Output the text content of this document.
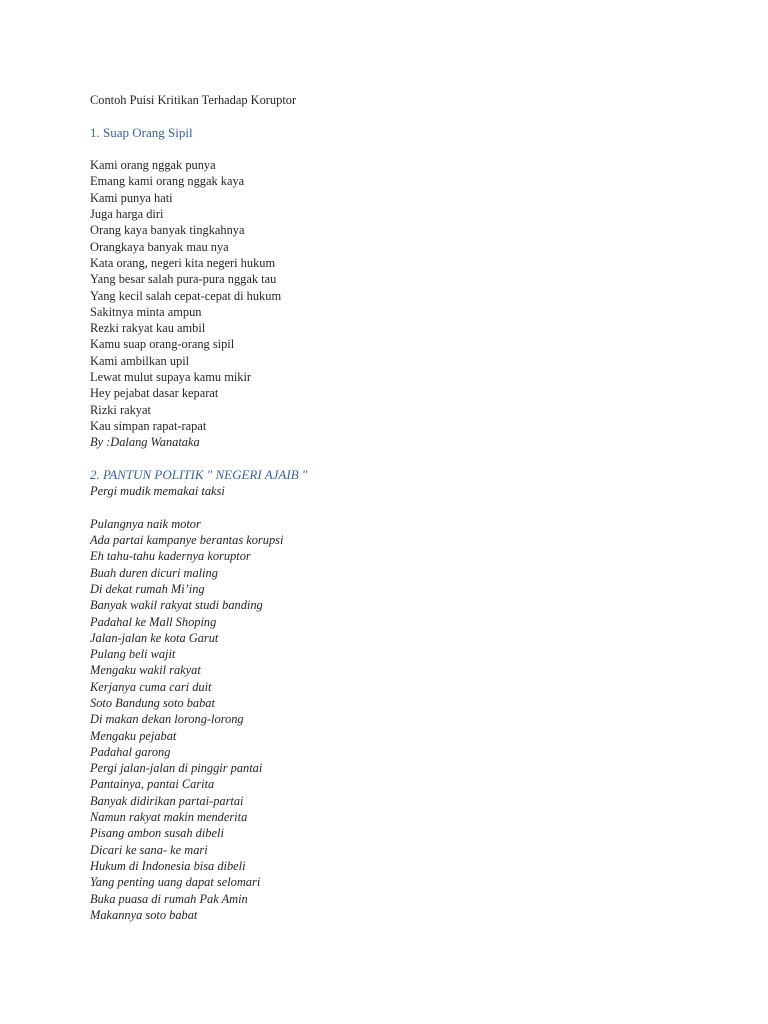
Contoh Puisi Kritikan Terhadap Koruptor
1. Suap Orang Sipil
Kami orang nggak punya
Emang kami orang nggak kaya
Kami punya hati
Juga harga diri
Orang kaya banyak tingkahnya
Orangkaya banyak mau nya
Kata orang, negeri kita negeri hukum
Yang besar salah pura-pura nggak tau
Yang kecil salah cepat-cepat di hukum
Sakitnya minta ampun
Rezki rakyat kau ambil
Kamu suap orang-orang sipil
Kami ambilkan upil
Lewat mulut supaya kamu mikir
Hey pejabat dasar keparat
Rizki rakyat
Kau simpan rapat-rapat
By :Dalang Wanataka
2. PANTUN POLITIK " NEGERI AJAIB "
Pergi mudik memakai taksi
Pulangnya naik motor
Ada partai kampanye berantas korupsi
Eh tahu-tahu kadernya koruptor
Buah duren dicuri maling
Di dekat rumah Mi’ing
Banyak wakil rakyat studi banding
Padahal ke Mall Shoping
Jalan-jalan ke kota Garut
Pulang beli wajit
Mengaku wakil rakyat
Kerjanya cuma cari duit
Soto Bandung soto babat
Di makan dekan lorong-lorong
Mengaku pejabat
Padahal garong
Pergi jalan-jalan di pinggir pantai
Pantainya, pantai Carita
Banyak didirikan partai-partai
Namun rakyat makin menderita
Pisang ambon susah dibeli
Dicari ke sana- ke mari
Hukum di Indonesia bisa dibeli
Yang penting uang dapat selomari
Buka puasa di rumah Pak Amin
Makannya soto babat
